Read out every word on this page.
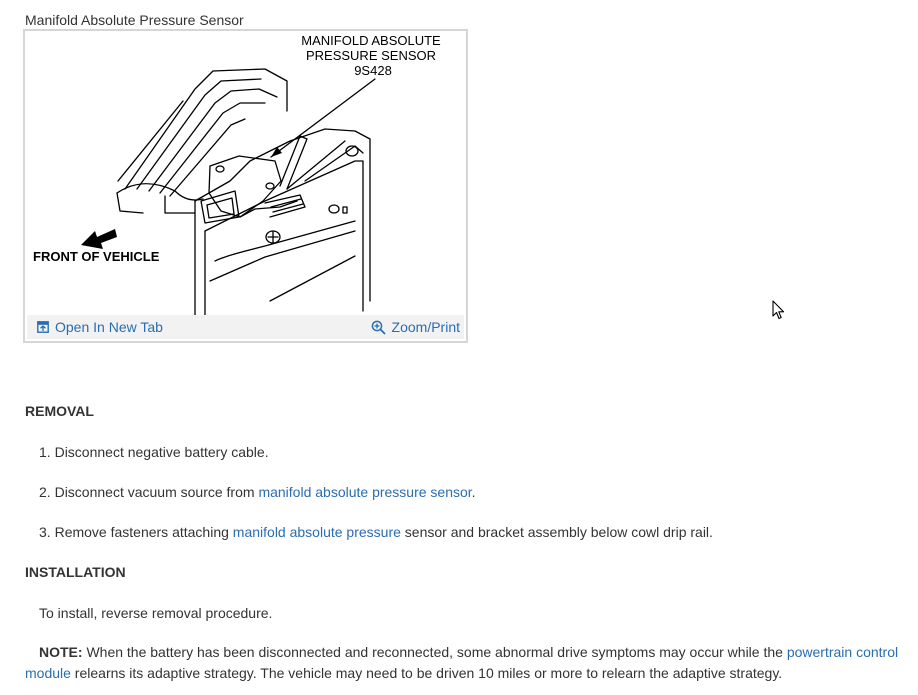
Manifold Absolute Pressure Sensor
MANIFOLD ABSOLUTE
PRESSURE SENSOR
9S428
FRONT OF VEHICLE
Open In New Tab	Zoom/Print
REMOVAL
1. Disconnect negative battery cable.
2. Disconnect vacuum source from manifold absolute pressure sensor.
3. Remove fasteners attaching manifold absolute pressure sensor and bracket assembly below cowl drip rail.
INSTALLATION
To install, reverse removal procedure.
NOTE: When the battery has been disconnected and reconnected, some abnormal drive symptoms may occur while the powertrain control module relearns its adaptive strategy. The vehicle may need to be driven 10 miles or more to relearn the adaptive strategy.
